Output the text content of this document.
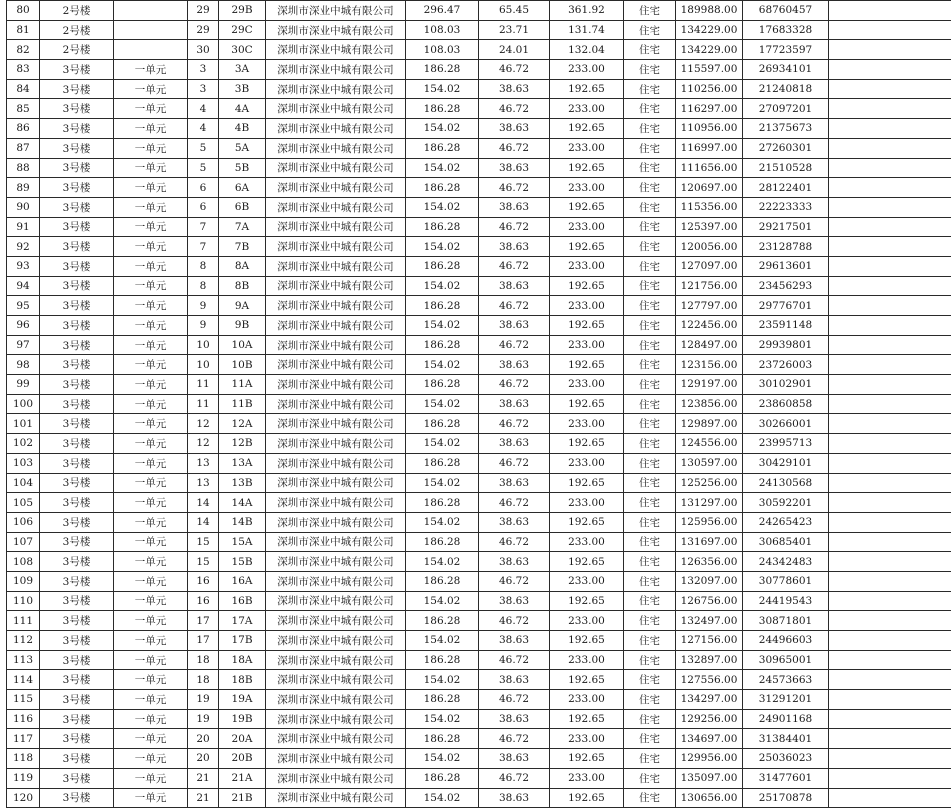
80	2号楼		29	29B	深圳市深业中城有限公司	296.47	65.45	361.92	住宅	189988.00	68760457	
81	2号楼		29	29C	深圳市深业中城有限公司	108.03	23.71	131.74	住宅	134229.00	17683328	
82	2号楼		30	30C	深圳市深业中城有限公司	108.03	24.01	132.04	住宅	134229.00	17723597	
83	3号楼	一单元	3	3A	深圳市深业中城有限公司	186.28	46.72	233.00	住宅	115597.00	26934101	
84	3号楼	一单元	3	3B	深圳市深业中城有限公司	154.02	38.63	192.65	住宅	110256.00	21240818	
85	3号楼	一单元	4	4A	深圳市深业中城有限公司	186.28	46.72	233.00	住宅	116297.00	27097201	
86	3号楼	一单元	4	4B	深圳市深业中城有限公司	154.02	38.63	192.65	住宅	110956.00	21375673	
87	3号楼	一单元	5	5A	深圳市深业中城有限公司	186.28	46.72	233.00	住宅	116997.00	27260301	
88	3号楼	一单元	5	5B	深圳市深业中城有限公司	154.02	38.63	192.65	住宅	111656.00	21510528	
89	3号楼	一单元	6	6A	深圳市深业中城有限公司	186.28	46.72	233.00	住宅	120697.00	28122401	
90	3号楼	一单元	6	6B	深圳市深业中城有限公司	154.02	38.63	192.65	住宅	115356.00	22223333	
91	3号楼	一单元	7	7A	深圳市深业中城有限公司	186.28	46.72	233.00	住宅	125397.00	29217501	
92	3号楼	一单元	7	7B	深圳市深业中城有限公司	154.02	38.63	192.65	住宅	120056.00	23128788	
93	3号楼	一单元	8	8A	深圳市深业中城有限公司	186.28	46.72	233.00	住宅	127097.00	29613601	
94	3号楼	一单元	8	8B	深圳市深业中城有限公司	154.02	38.63	192.65	住宅	121756.00	23456293	
95	3号楼	一单元	9	9A	深圳市深业中城有限公司	186.28	46.72	233.00	住宅	127797.00	29776701	
96	3号楼	一单元	9	9B	深圳市深业中城有限公司	154.02	38.63	192.65	住宅	122456.00	23591148	
97	3号楼	一单元	10	10A	深圳市深业中城有限公司	186.28	46.72	233.00	住宅	128497.00	29939801	
98	3号楼	一单元	10	10B	深圳市深业中城有限公司	154.02	38.63	192.65	住宅	123156.00	23726003	
99	3号楼	一单元	11	11A	深圳市深业中城有限公司	186.28	46.72	233.00	住宅	129197.00	30102901	
100	3号楼	一单元	11	11B	深圳市深业中城有限公司	154.02	38.63	192.65	住宅	123856.00	23860858	
101	3号楼	一单元	12	12A	深圳市深业中城有限公司	186.28	46.72	233.00	住宅	129897.00	30266001	
102	3号楼	一单元	12	12B	深圳市深业中城有限公司	154.02	38.63	192.65	住宅	124556.00	23995713	
103	3号楼	一单元	13	13A	深圳市深业中城有限公司	186.28	46.72	233.00	住宅	130597.00	30429101	
104	3号楼	一单元	13	13B	深圳市深业中城有限公司	154.02	38.63	192.65	住宅	125256.00	24130568	
105	3号楼	一单元	14	14A	深圳市深业中城有限公司	186.28	46.72	233.00	住宅	131297.00	30592201	
106	3号楼	一单元	14	14B	深圳市深业中城有限公司	154.02	38.63	192.65	住宅	125956.00	24265423	
107	3号楼	一单元	15	15A	深圳市深业中城有限公司	186.28	46.72	233.00	住宅	131697.00	30685401	
108	3号楼	一单元	15	15B	深圳市深业中城有限公司	154.02	38.63	192.65	住宅	126356.00	24342483	
109	3号楼	一单元	16	16A	深圳市深业中城有限公司	186.28	46.72	233.00	住宅	132097.00	30778601	
110	3号楼	一单元	16	16B	深圳市深业中城有限公司	154.02	38.63	192.65	住宅	126756.00	24419543	
111	3号楼	一单元	17	17A	深圳市深业中城有限公司	186.28	46.72	233.00	住宅	132497.00	30871801	
112	3号楼	一单元	17	17B	深圳市深业中城有限公司	154.02	38.63	192.65	住宅	127156.00	24496603	
113	3号楼	一单元	18	18A	深圳市深业中城有限公司	186.28	46.72	233.00	住宅	132897.00	30965001	
114	3号楼	一单元	18	18B	深圳市深业中城有限公司	154.02	38.63	192.65	住宅	127556.00	24573663	
115	3号楼	一单元	19	19A	深圳市深业中城有限公司	186.28	46.72	233.00	住宅	134297.00	31291201	
116	3号楼	一单元	19	19B	深圳市深业中城有限公司	154.02	38.63	192.65	住宅	129256.00	24901168	
117	3号楼	一单元	20	20A	深圳市深业中城有限公司	186.28	46.72	233.00	住宅	134697.00	31384401	
118	3号楼	一单元	20	20B	深圳市深业中城有限公司	154.02	38.63	192.65	住宅	129956.00	25036023	
119	3号楼	一单元	21	21A	深圳市深业中城有限公司	186.28	46.72	233.00	住宅	135097.00	31477601	
120	3号楼	一单元	21	21B	深圳市深业中城有限公司	154.02	38.63	192.65	住宅	130656.00	25170878	
